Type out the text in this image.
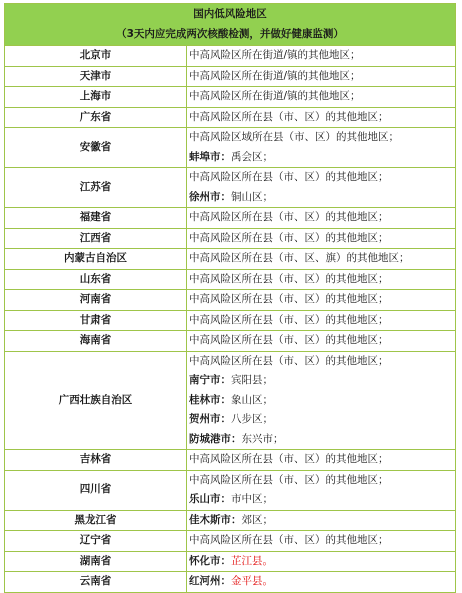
国内低风险地区
（3天内应完成两次核酸检测，并做好健康监测）	

北京市	中高风险区所在街道/镇的其他地区；

天津市	中高风险区所在街道/镇的其他地区；

上海市	中高风险区所在街道/镇的其他地区；

广东省	中高风险区所在县（市、区）的其他地区；

安徽省	中高风险区域所在县（市、区）的其他地区；
蚌埠市：禹会区；

江苏省	中高风险区所在县（市、区）的其他地区；
徐州市：铜山区；

福建省	中高风险区所在县（市、区）的其他地区；

江西省	中高风险区所在县（市、区）的其他地区；

内蒙古自治区	中高风险区所在县（市、区、旗）的其他地区；

山东省	中高风险区所在县（市、区）的其他地区；

河南省	中高风险区所在县（市、区）的其他地区；

甘肃省	中高风险区所在县（市、区）的其他地区；

海南省	中高风险区所在县（市、区）的其他地区；

广西壮族自治区	中高风险区所在县（市、区）的其他地区；
南宁市：宾阳县；
桂林市：象山区；
贺州市：八步区；
防城港市：东兴市；

吉林省	中高风险区所在县（市、区）的其他地区；

四川省	中高风险区所在县（市、区）的其他地区；
乐山市：市中区；

黑龙江省	佳木斯市：郊区；

辽宁省	中高风险区所在县（市、区）的其他地区；

湖南省	怀化市：芷江县。

云南省	红河州：金平县。
